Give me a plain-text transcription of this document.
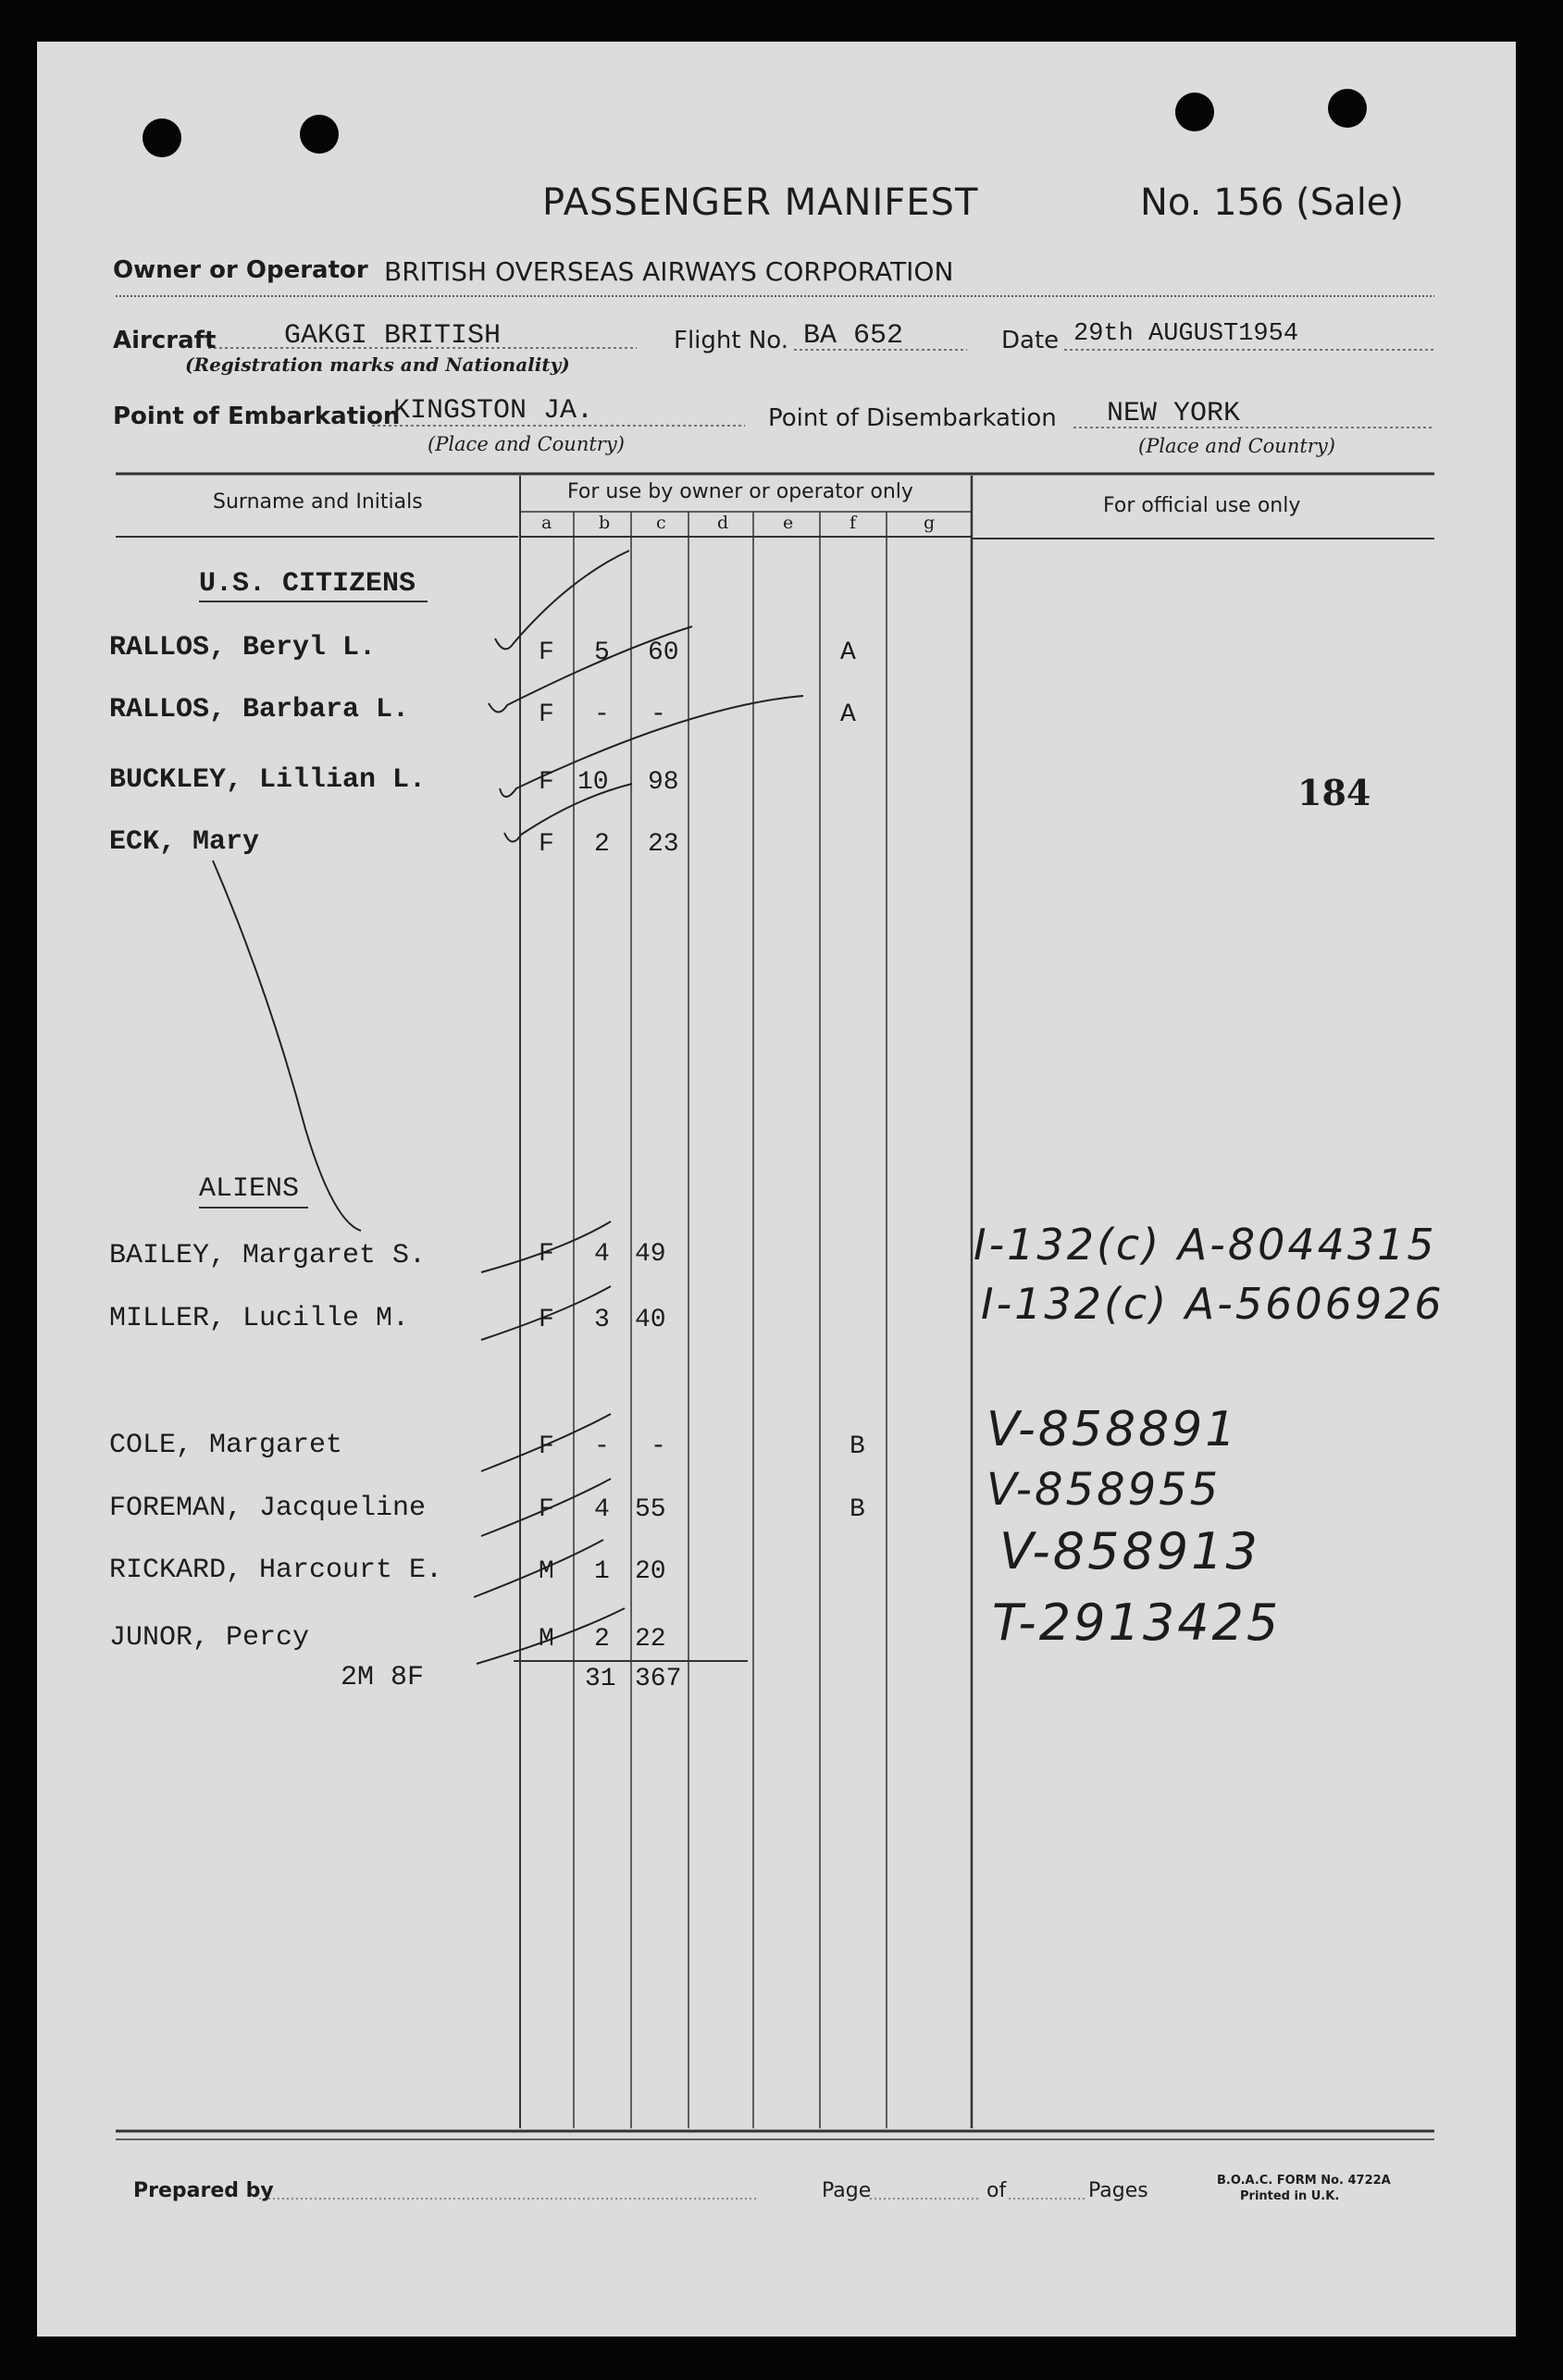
PASSENGER MANIFEST	No. 156 (Sale)
Owner or Operator BRITISH OVERSEAS AIRWAYS CORPORATION
Aircraft GAKGI BRITISH
(Registration marks and Nationality)
Flight No. BA 652	Date 29th AUGUST1954
Point of Embarkation
KINGSTON JA.
(Place and Country)
Point of Disembarkation NEW YORK
(Place and Country)
Surname and Initials	For use by owner or operator only
For official use only
a	b	c	d	e	f	g
U.S. CITIZENS
ALIENS
RALLOS, Beryl L.	F 5 60	A
RALLOS, Barbara L.	F - -	A
BUCKLEY, Lillian L.	F 10 98
ECK, Mary	F 2 23
BAILEY, Margaret S.	F 4 49	I-132(c) A-8044315
MILLER, Lucille M.	F 3 40	I-132(c) A-5606926
COLE, Margaret	F - -	B	V-858891
FOREMAN, Jacqueline	F 4 55	B	V-858955
RICKARD, Harcourt E.	M 1 20	V-858913
JUNOR, Percy	M 2 22	T-2913425
2M 8F	31 367
184
Prepared by	Page	of	Pages	B.O.A.C. FORM No. 4722A
Printed in U.K.
